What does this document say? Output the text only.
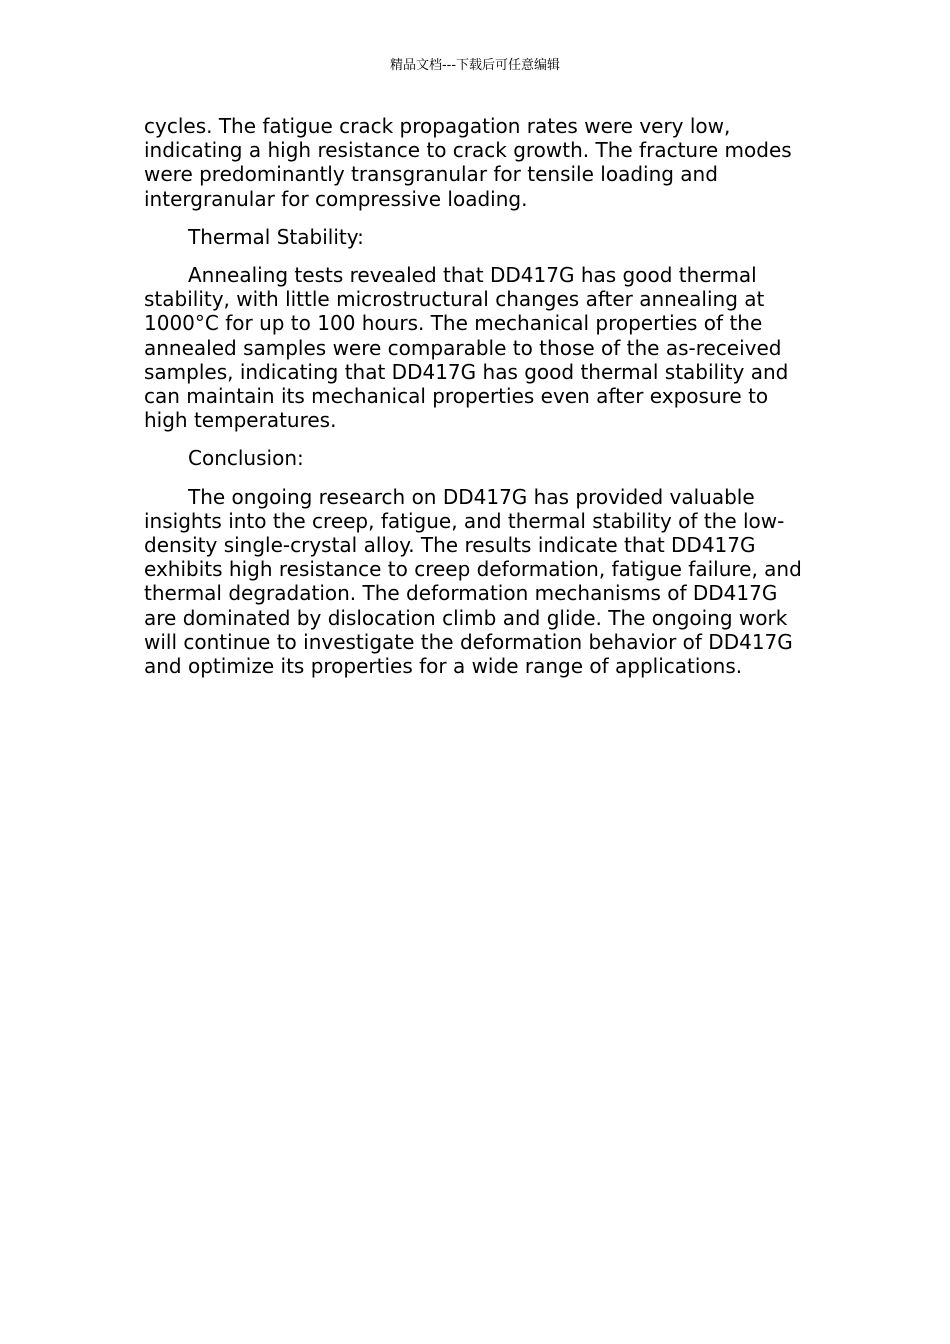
精品文档---下载后可任意编辑

cycles. The fatigue crack propagation rates were very low, indicating a high resistance to crack growth. The fracture modes were predominantly transgranular for tensile loading and intergranular for compressive loading.

Thermal Stability:

Annealing tests revealed that DD417G has good thermal stability, with little microstructural changes after annealing at 1000°C for up to 100 hours. The mechanical properties of the annealed samples were comparable to those of the as-received samples, indicating that DD417G has good thermal stability and can maintain its mechanical properties even after exposure to high temperatures.

Conclusion:

The ongoing research on DD417G has provided valuable insights into the creep, fatigue, and thermal stability of the low-density single-crystal alloy. The results indicate that DD417G exhibits high resistance to creep deformation, fatigue failure, and thermal degradation. The deformation mechanisms of DD417G are dominated by dislocation climb and glide. The ongoing work will continue to investigate the deformation behavior of DD417G and optimize its properties for a wide range of applications.
